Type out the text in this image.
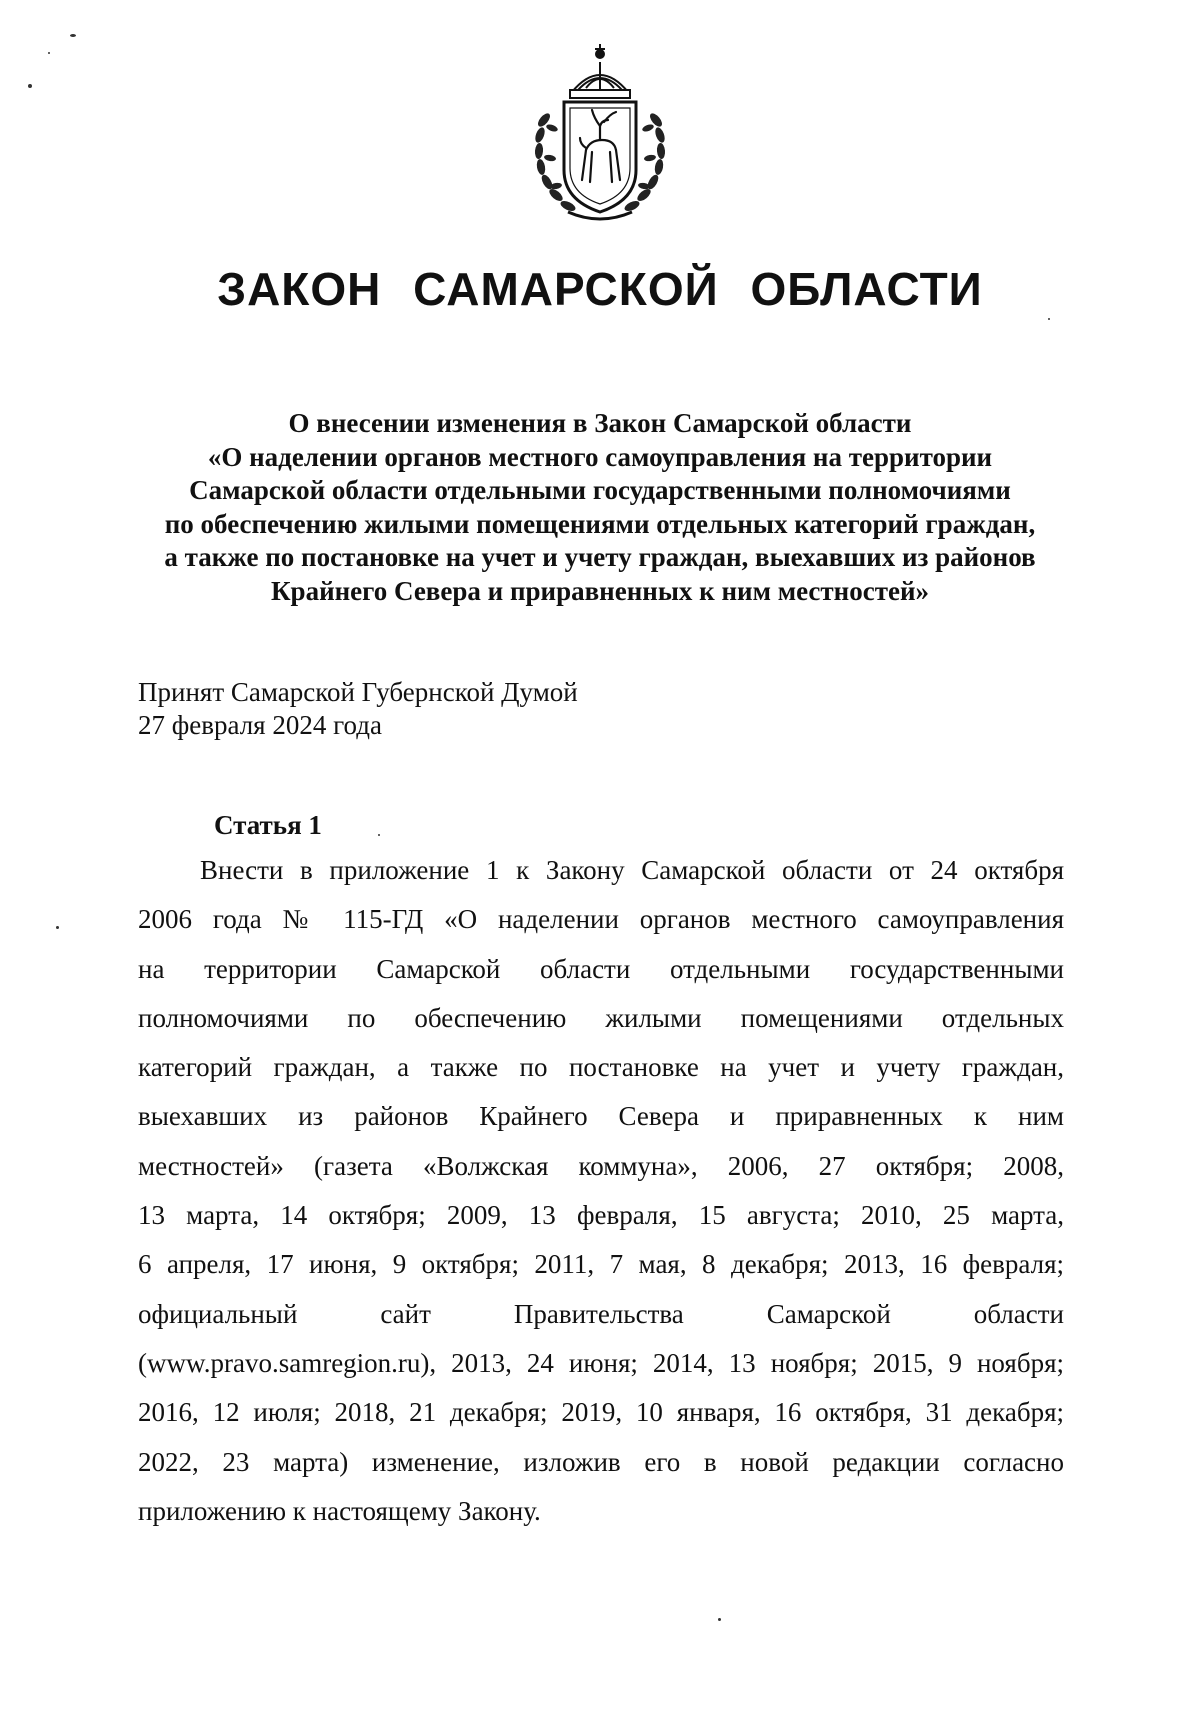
ЗАКОН САМАРСКОЙ ОБЛАСТИ
О внесении изменения в Закон Самарской области
«О наделении органов местного самоуправления на территории
Самарской области отдельными государственными полномочиями
по обеспечению жилыми помещениями отдельных категорий граждан,
а также по постановке на учет и учету граждан, выехавших из районов
Крайнего Севера и приравненных к ним местностей»
Принят Самарской Губернской Думой
27 февраля 2024 года
Статья 1
Внести в приложение 1 к Закону Самарской области от 24 октября
2006 года № 115-ГД «О наделении органов местного самоуправления
на территории Самарской области отдельными государственными
полномочиями по обеспечению жилыми помещениями отдельных
категорий граждан, а также по постановке на учет и учету граждан,
выехавших из районов Крайнего Севера и приравненных к ним
местностей» (газета «Волжская коммуна», 2006, 27 октября; 2008,
13 марта, 14 октября; 2009, 13 февраля, 15 августа; 2010, 25 марта,
6 апреля, 17 июня, 9 октября; 2011, 7 мая, 8 декабря; 2013, 16 февраля;
официальный сайт Правительства Самарской области
(www.pravo.samregion.ru), 2013, 24 июня; 2014, 13 ноября; 2015, 9 ноября;
2016, 12 июля; 2018, 21 декабря; 2019, 10 января, 16 октября, 31 декабря;
2022, 23 марта) изменение, изложив его в новой редакции согласно
приложению к настоящему Закону.
